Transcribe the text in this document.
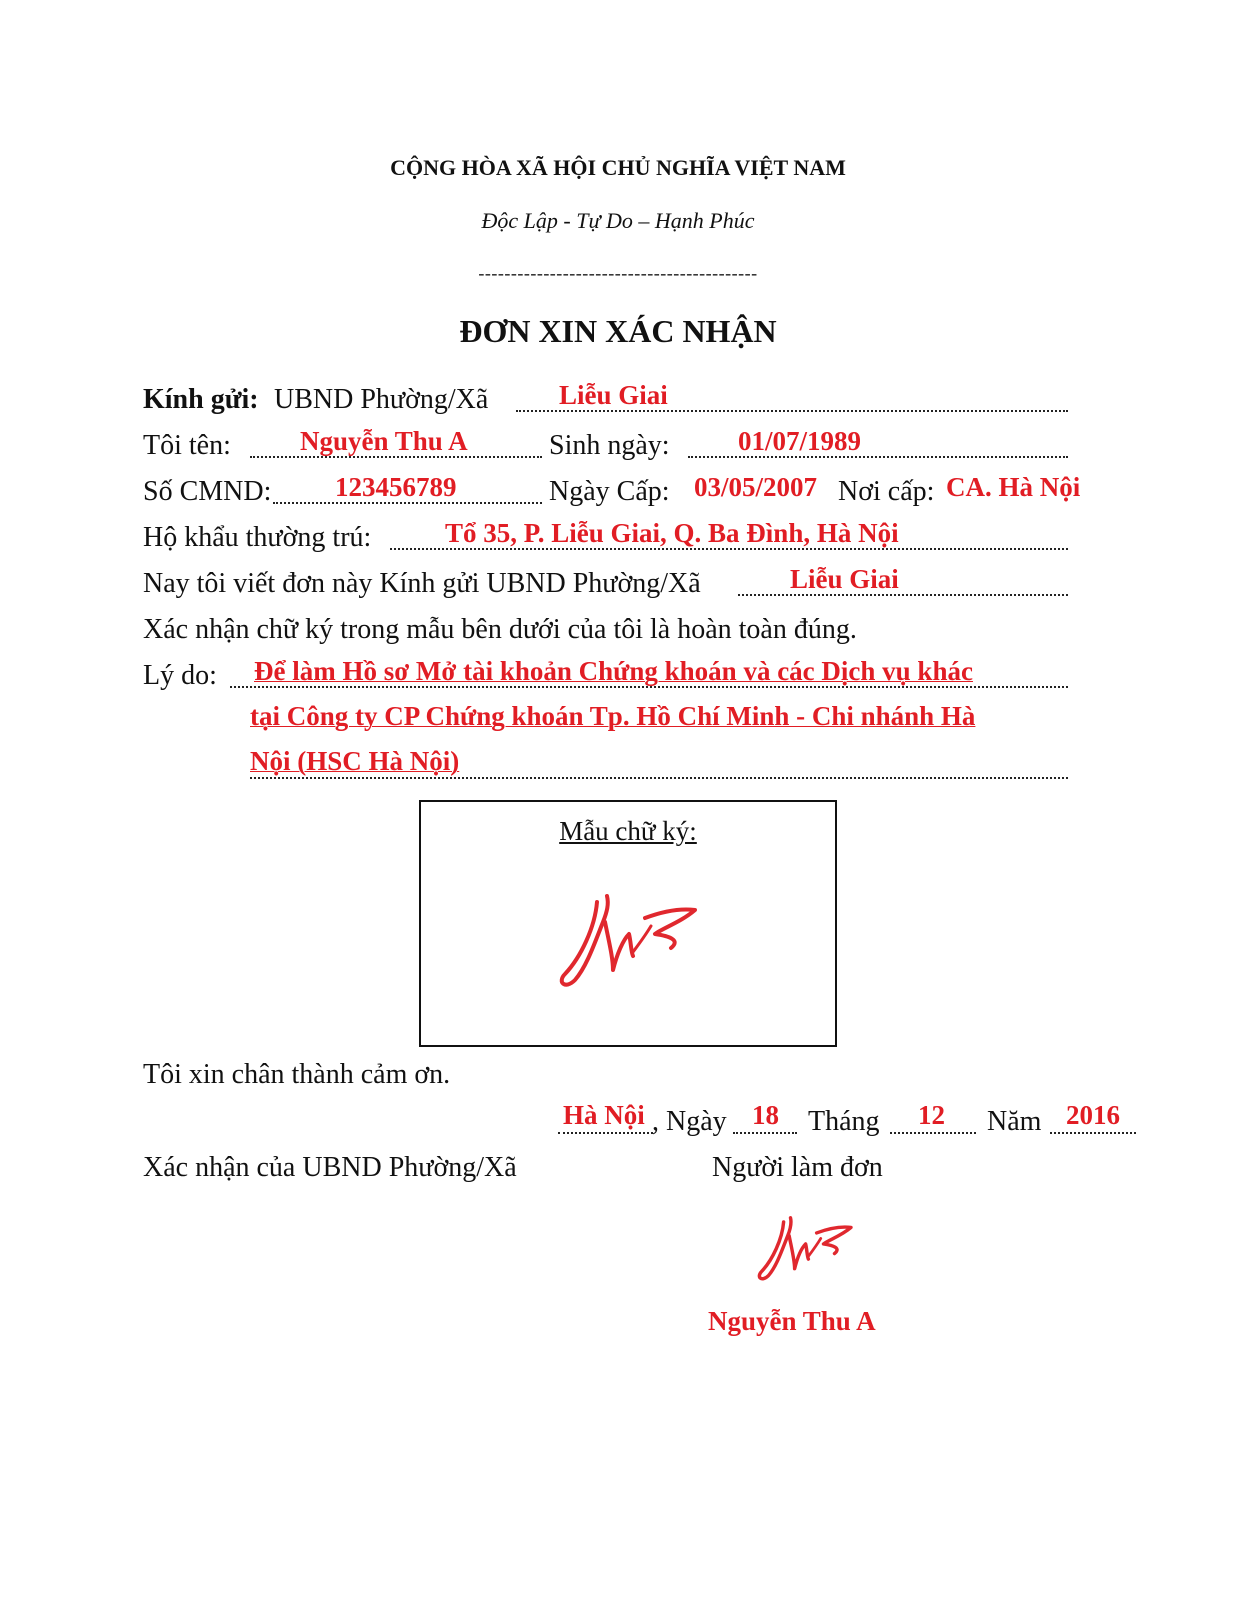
CỘNG HÒA XÃ HỘI CHỦ NGHĨA VIỆT NAM
Độc Lập - Tự Do – Hạnh Phúc
-------------------------------------------
ĐƠN XIN XÁC NHẬN
Kính gửi: UBND Phường/Xã	Liễu Giai
Tôi tên:	Nguyễn Thu A	Sinh ngày:	01/07/1989
Số CMND: 123456789	Ngày Cấp: 03/05/2007 Nơi cấp: CA. Hà Nội
Hộ khẩu thường trú:	Tổ 35, P. Liễu Giai, Q. Ba Đình, Hà Nội
Nay tôi viết đơn này Kính gửi UBND Phường/Xã	Liễu Giai
Xác nhận chữ ký trong mẫu bên dưới của tôi là hoàn toàn đúng.
Lý do: Để làm Hồ sơ Mở tài khoản Chứng khoán và các Dịch vụ khác
tại Công ty CP Chứng khoán Tp. Hồ Chí Minh - Chi nhánh Hà
Nội (HSC Hà Nội)
Mẫu chữ ký:
Tôi xin chân thành cảm ơn.
Hà Nội , Ngày 18 Tháng 12 Năm 2016
Xác nhận của UBND Phường/Xã	Người làm đơn
Nguyễn Thu A
